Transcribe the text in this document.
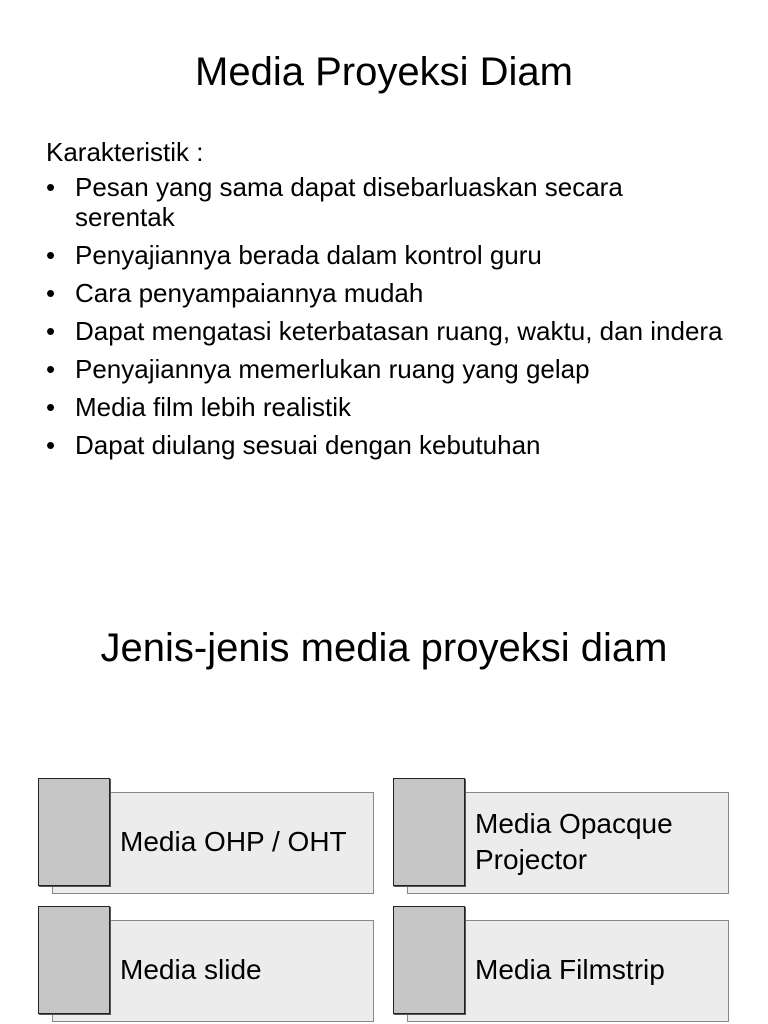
Media Proyeksi Diam

Karakteristik :

• Pesan yang sama dapat disebarluaskan secara serentak
• Penyajiannya berada dalam kontrol guru
• Cara penyampaiannya mudah
• Dapat mengatasi keterbatasan ruang, waktu, dan indera
• Penyajiannya memerlukan ruang yang gelap
• Media film lebih realistik
• Dapat diulang sesuai dengan kebutuhan
Jenis-jenis media proyeksi diam
Media OHP / OHT
Media Opacque Projector
Media slide	Media Filmstrip
